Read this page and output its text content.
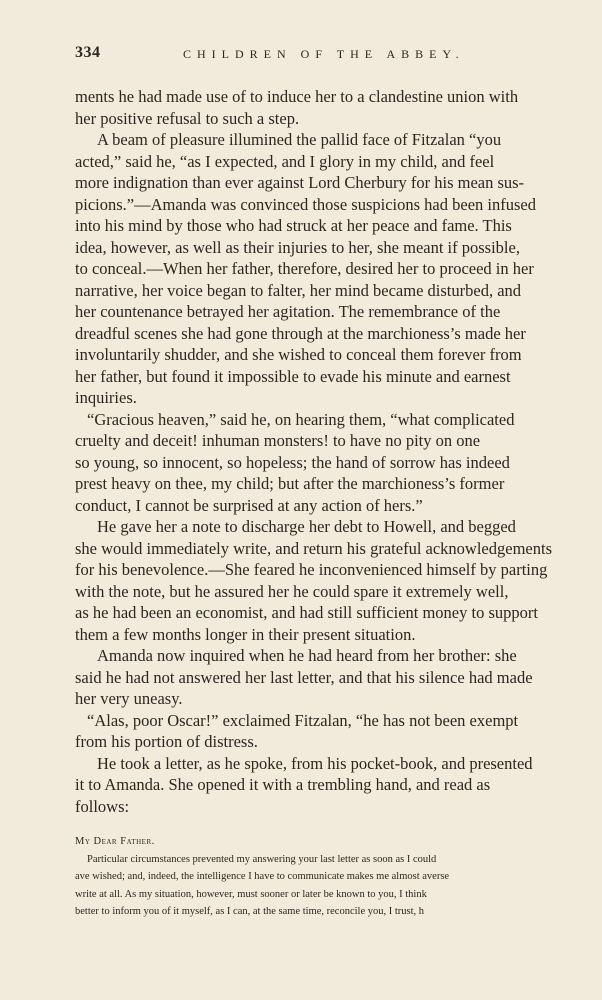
334	CHILDREN OF THE ABBEY.
ments he had made use of to induce her to a clandestine union with
her positive refusal to such a step.
A beam of pleasure illumined the pallid face of Fitzalan “you
acted,” said he, “as I expected, and I glory in my child, and feel
more indignation than ever against Lord Cherbury for his mean sus-
picions.”—Amanda was convinced those suspicions had been infused
into his mind by those who had struck at her peace and fame. This
idea, however, as well as their injuries to her, she meant if possible,
to conceal.—When her father, therefore, desired her to proceed in her
narrative, her voice began to falter, her mind became disturbed, and
her countenance betrayed her agitation. The remembrance of the
dreadful scenes she had gone through at the marchioness’s made her
involuntarily shudder, and she wished to conceal them forever from
her father, but found it impossible to evade his minute and earnest
inquiries.
“Gracious heaven,” said he, on hearing them, “what complicated
cruelty and deceit! inhuman monsters! to have no pity on one
so young, so innocent, so hopeless; the hand of sorrow has indeed
prest heavy on thee, my child; but after the marchioness’s former
conduct, I cannot be surprised at any action of hers.”
He gave her a note to discharge her debt to Howell, and begged
she would immediately write, and return his grateful acknowledgements
for his benevolence.—She feared he inconvenienced himself by parting
with the note, but he assured her he could spare it extremely well,
as he had been an economist, and had still sufficient money to support
them a few months longer in their present situation.
Amanda now inquired when he had heard from her brother: she
said he had not answered her last letter, and that his silence had made
her very uneasy.
“Alas, poor Oscar!” exclaimed Fitzalan, “he has not been exempt
from his portion of distress.
He took a letter, as he spoke, from his pocket-book, and presented
it to Amanda. She opened it with a trembling hand, and read as
follows:
My Dear Father.
Particular circumstances prevented my answering your last letter as soon as I could
ave wished; and, indeed, the intelligence I have to communicate makes me almost averse
write at all. As my situation, however, must sooner or later be known to you, I think
better to inform you of it myself, as I can, at the same time, reconcile you, I trust, h
